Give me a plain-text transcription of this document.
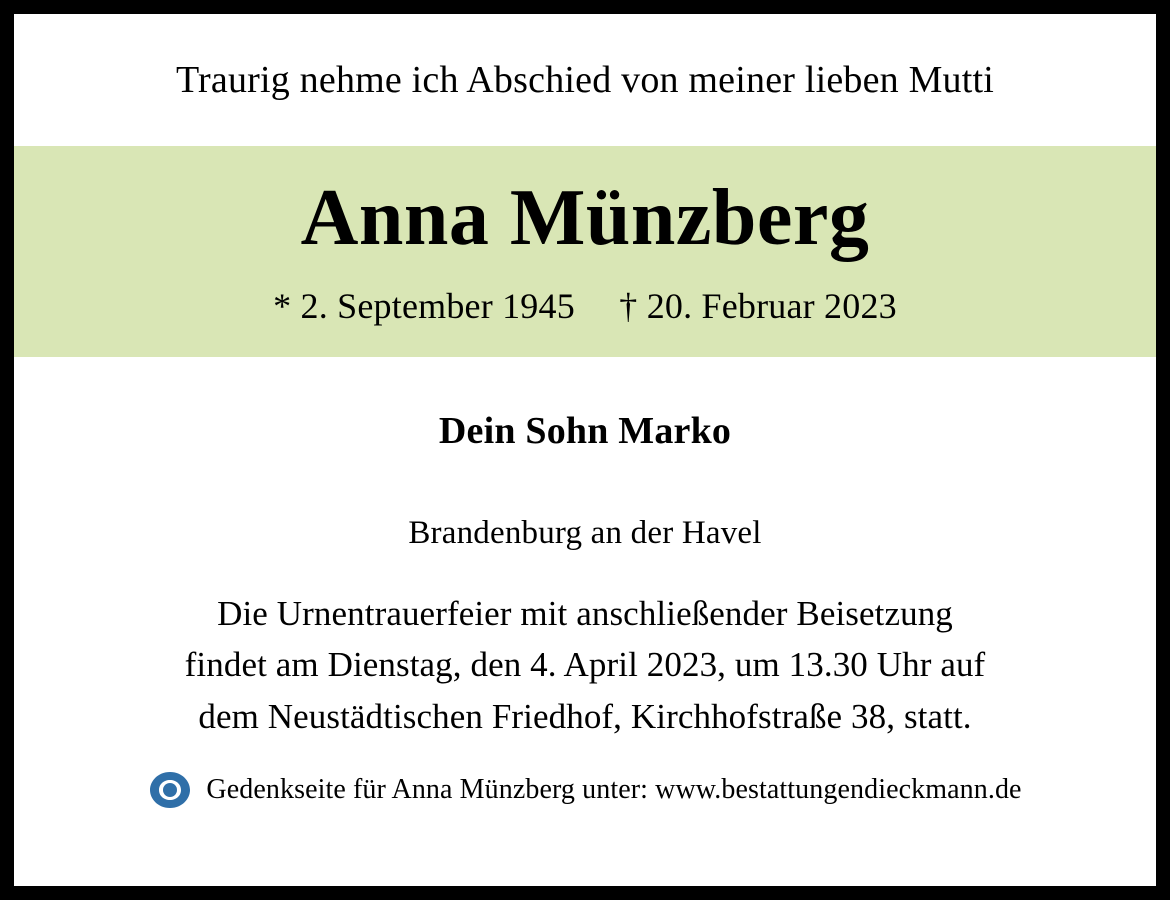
Traurig nehme ich Abschied von meiner lieben Mutti
Anna Münzberg
* 2. September 1945 † 20. Februar 2023
Dein Sohn Marko
Brandenburg an der Havel
Die Urnentrauerfeier mit anschließender Beisetzung
findet am Dienstag, den 4. April 2023, um 13.30 Uhr auf
dem Neustädtischen Friedhof, Kirchhofstraße 38, statt.
Gedenkseite für Anna Münzberg unter: www.bestattungendieckmann.de
